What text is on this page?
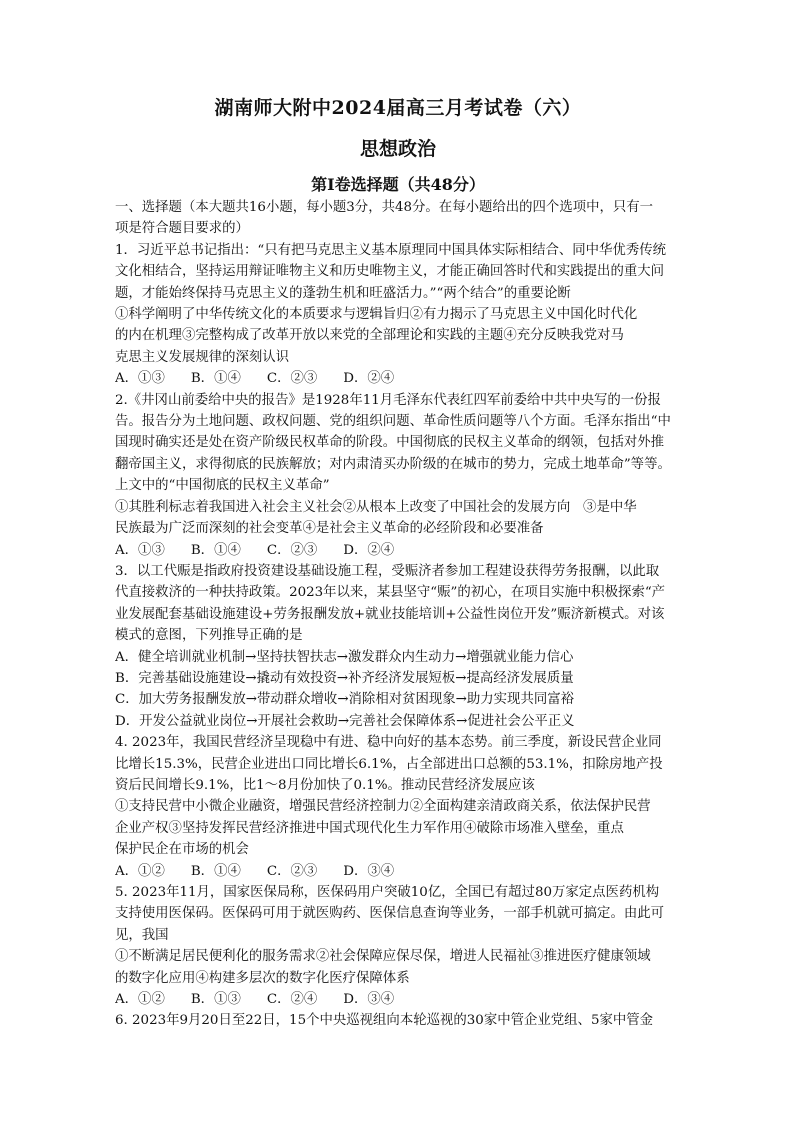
湖南师大附中2024届高三月考试卷（六）
思想政治
第Ⅰ卷选择题（共48分）
一、选择题（本大题共16小题，每小题3分，共48分。在每小题给出的四个选项中，只有一
项是符合题目要求的）
1．习近平总书记指出：“只有把马克思主义基本原理同中国具体实际相结合、同中华优秀传统
文化相结合，坚持运用辩证唯物主义和历史唯物主义，才能正确回答时代和实践提出的重大问
题，才能始终保持马克思主义的蓬勃生机和旺盛活力。”“两个结合”的重要论断
①科学阐明了中华传统文化的本质要求与逻辑旨归②有力揭示了马克思主义中国化时代化
的内在机理③完整构成了改革开放以来党的全部理论和实践的主题④充分反映我党对马
克思主义发展规律的深刻认识
A．①③ B．①④ C．②③ D．②④
2.《井冈山前委给中央的报告》是1928年11月毛泽东代表红四军前委给中共中央写的一份报
告。报告分为土地问题、政权问题、党的组织问题、革命性质问题等八个方面。毛泽东指出“中
国现时确实还是处在资产阶级民权革命的阶段。中国彻底的民权主义革命的纲领，包括对外推
翻帝国主义，求得彻底的民族解放；对内肃清买办阶级的在城市的势力，完成土地革命”等等。
上文中的“中国彻底的民权主义革命”
①其胜利标志着我国进入社会主义社会②从根本上改变了中国社会的发展方向   ③是中华
民族最为广泛而深刻的社会变革④是社会主义革命的必经阶段和必要准备
A．①③ B．①④ C．②③ D．②④
3．以工代赈是指政府投资建设基础设施工程，受赈济者参加工程建设获得劳务报酬，以此取
代直接救济的一种扶持政策。2023年以来，某县坚守“赈”的初心，在项目实施中积极探索“产
业发展配套基础设施建设+劳务报酬发放+就业技能培训+公益性岗位开发”赈济新模式。对该
模式的意图，下列推导正确的是
A．健全培训就业机制→坚持扶智扶志→激发群众内生动力→增强就业能力信心
B．完善基础设施建设→撬动有效投资→补齐经济发展短板→提高经济发展质量
C．加大劳务报酬发放→带动群众增收→消除相对贫困现象→助力实现共同富裕
D．开发公益就业岗位→开展社会救助→完善社会保障体系→促进社会公平正义
4. 2023年，我国民营经济呈现稳中有进、稳中向好的基本态势。前三季度，新设民营企业同
比增长15.3%，民营企业进出口同比增长6.1%，占全部进出口总额的53.1%，扣除房地产投
资后民间增长9.1%，比1～8月份加快了0.1%。推动民营经济发展应该
①支持民营中小微企业融资，增强民营经济控制力②全面构建亲清政商关系，依法保护民营
企业产权③坚持发挥民营经济推进中国式现代化生力军作用④破除市场准入壁垒，重点
保护民企在市场的机会
A．①② B．①④ C．②③ D．③④
5. 2023年11月，国家医保局称，医保码用户突破10亿，全国已有超过80万家定点医药机构
支持使用医保码。医保码可用于就医购药、医保信息查询等业务，一部手机就可搞定。由此可
见，我国
①不断满足居民便利化的服务需求②社会保障应保尽保，增进人民福祉③推进医疗健康领域
的数字化应用④构建多层次的数字化医疗保障体系
A．①② B．①③ C．②④ D．③④
6. 2023年9月20日至22日，15个中央巡视组向本轮巡视的30家中管企业党组、5家中管金
